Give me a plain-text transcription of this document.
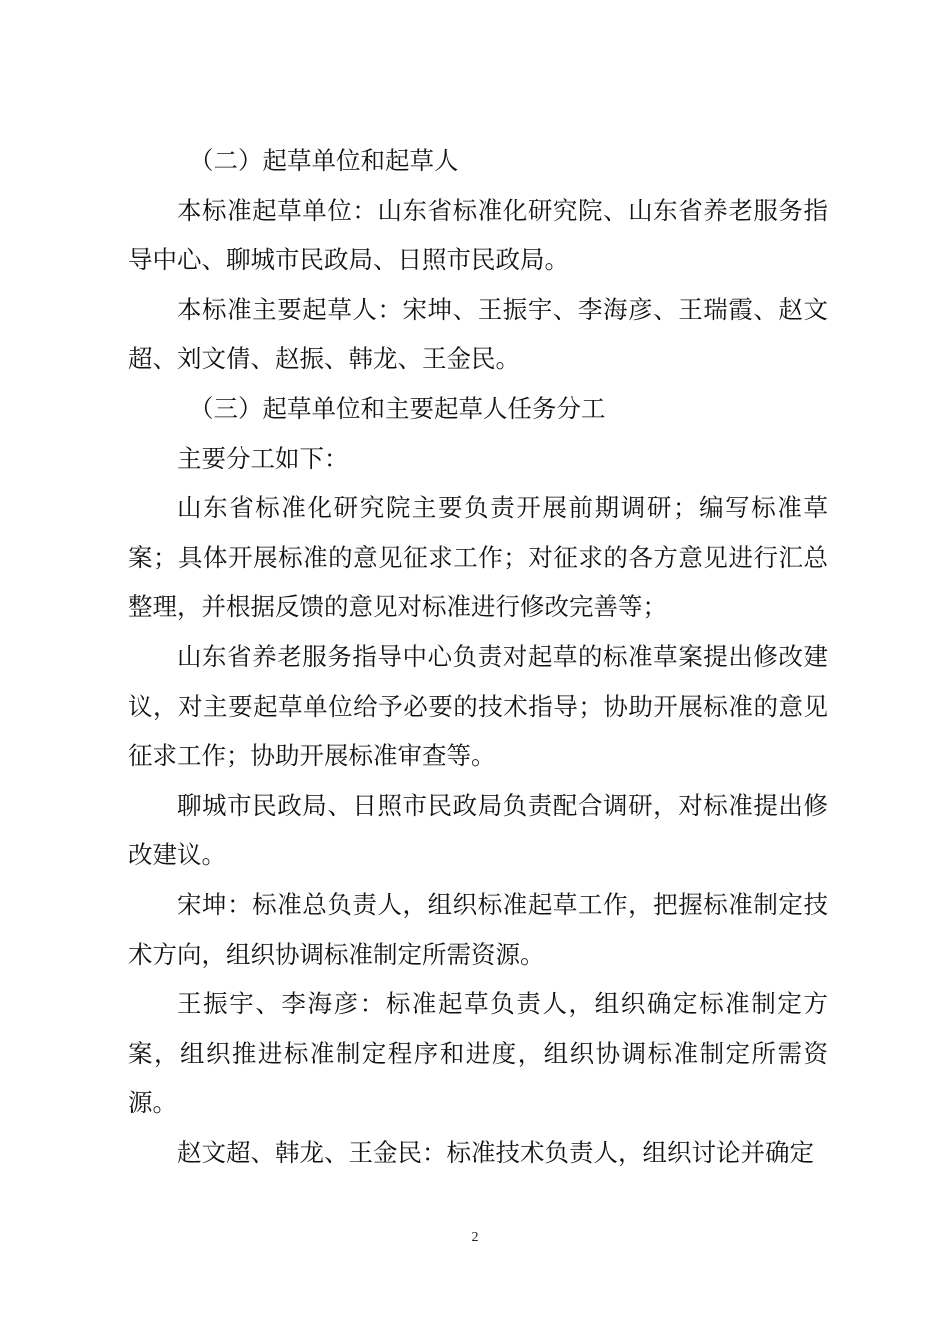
（二）起草单位和起草人

本标准起草单位：山东省标准化研究院、山东省养老服务指导中心、聊城市民政局、日照市民政局。

本标准主要起草人：宋坤、王振宇、李海彦、王瑞霞、赵文超、刘文倩、赵振、韩龙、王金民。

（三）起草单位和主要起草人任务分工

主要分工如下：

山东省标准化研究院主要负责开展前期调研；编写标准草案；具体开展标准的意见征求工作；对征求的各方意见进行汇总整理，并根据反馈的意见对标准进行修改完善等；

山东省养老服务指导中心负责对起草的标准草案提出修改建议，对主要起草单位给予必要的技术指导；协助开展标准的意见征求工作；协助开展标准审查等。

聊城市民政局、日照市民政局负责配合调研，对标准提出修改建议。

宋坤：标准总负责人，组织标准起草工作，把握标准制定技术方向，组织协调标准制定所需资源。

王振宇、李海彦：标准起草负责人，组织确定标准制定方案，组织推进标准制定程序和进度，组织协调标准制定所需资源。

赵文超、韩龙、王金民：标准技术负责人，组织讨论并确定

2
